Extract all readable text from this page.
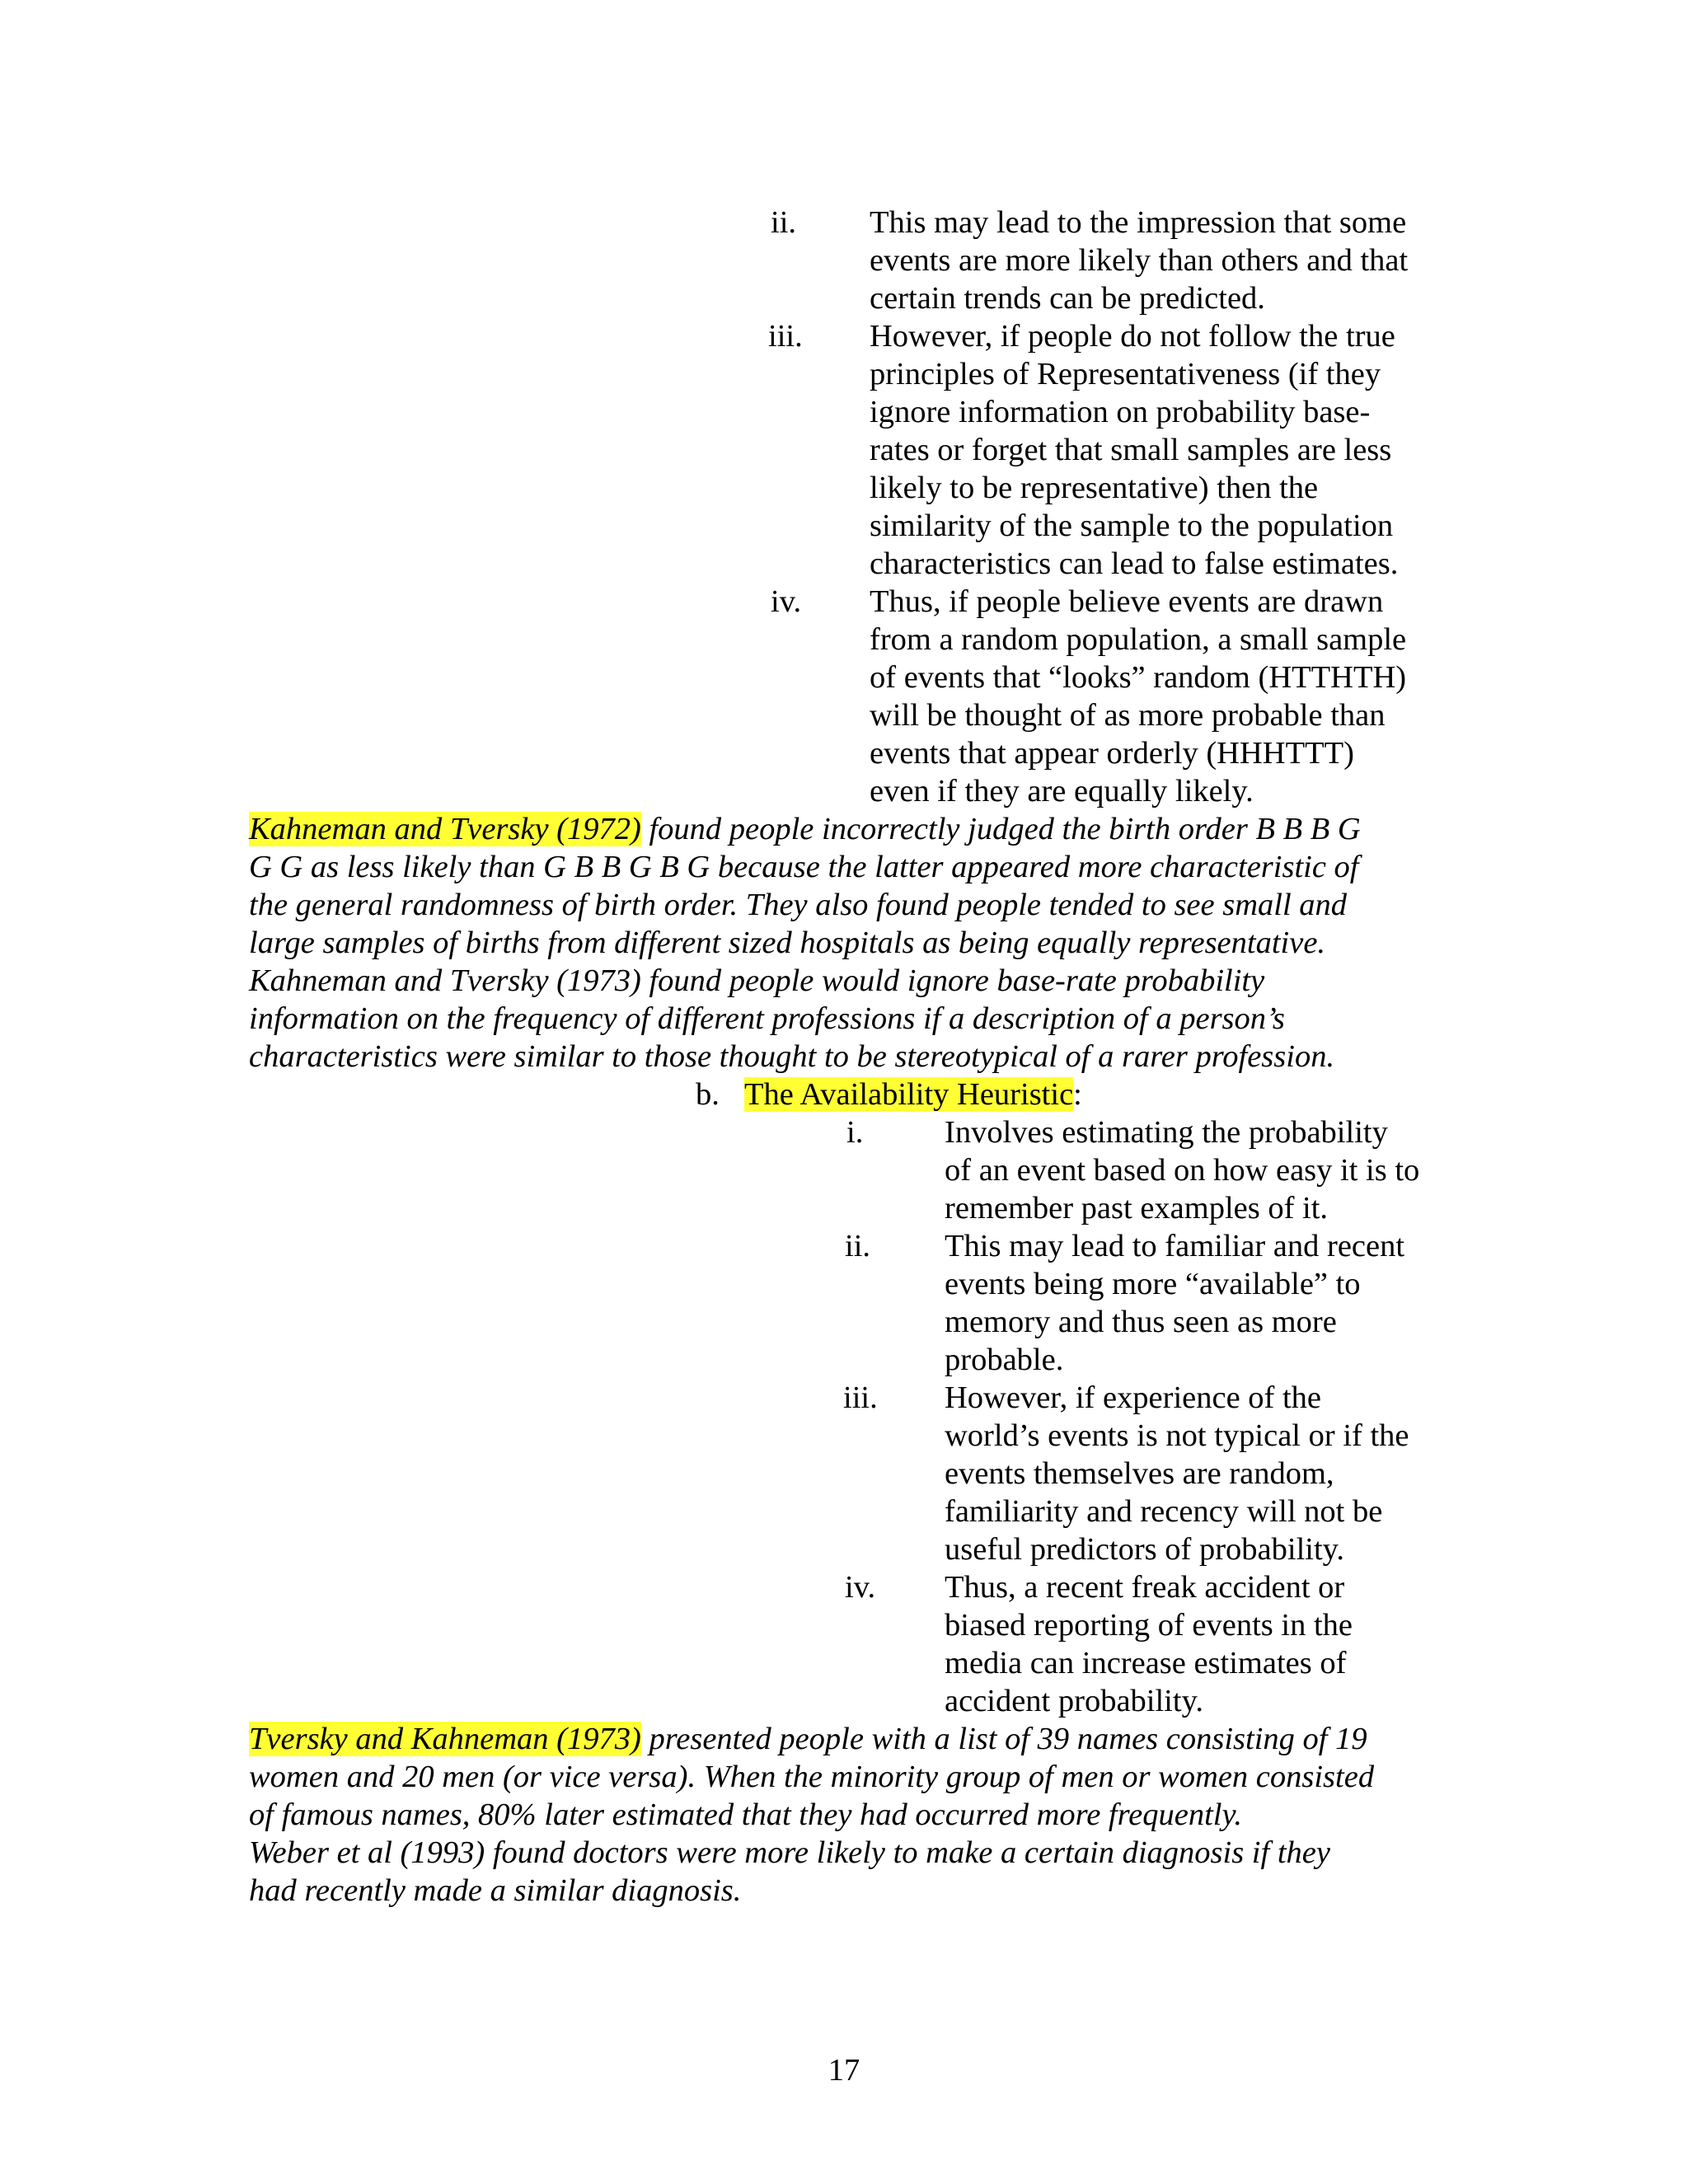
ii. This may lead to the impression that some
events are more likely than others and that
certain trends can be predicted.
iii. However, if people do not follow the true
principles of Representativeness (if they
ignore information on probability base-
rates or forget that small samples are less
likely to be representative) then the
similarity of the sample to the population
characteristics can lead to false estimates.
iv. Thus, if people believe events are drawn
from a random population, a small sample
of events that “looks” random (HTTHTH)
will be thought of as more probable than
events that appear orderly (HHHTTT)
even if they are equally likely.
Kahneman and Tversky (1972) found people incorrectly judged the birth order B B B G
G G as less likely than G B B G B G because the latter appeared more characteristic of
the general randomness of birth order. They also found people tended to see small and
large samples of births from different sized hospitals as being equally representative.
Kahneman and Tversky (1973) found people would ignore base-rate probability
information on the frequency of different professions if a description of a person’s
characteristics were similar to those thought to be stereotypical of a rarer profession.
b. The Availability Heuristic:
i.	Involves estimating the probability
of an event based on how easy it is to
remember past examples of it.
ii. This may lead to familiar and recent
events being more “available” to
memory and thus seen as more
probable.
iii. However, if experience of the
world’s events is not typical or if the
events themselves are random,
familiarity and recency will not be
useful predictors of probability.
iv. Thus, a recent freak accident or
biased reporting of events in the
media can increase estimates of
accident probability.
Tversky and Kahneman (1973) presented people with a list of 39 names consisting of 19
women and 20 men (or vice versa). When the minority group of men or women consisted
of famous names, 80% later estimated that they had occurred more frequently.
Weber et al (1993) found doctors were more likely to make a certain diagnosis if they
had recently made a similar diagnosis.
17
